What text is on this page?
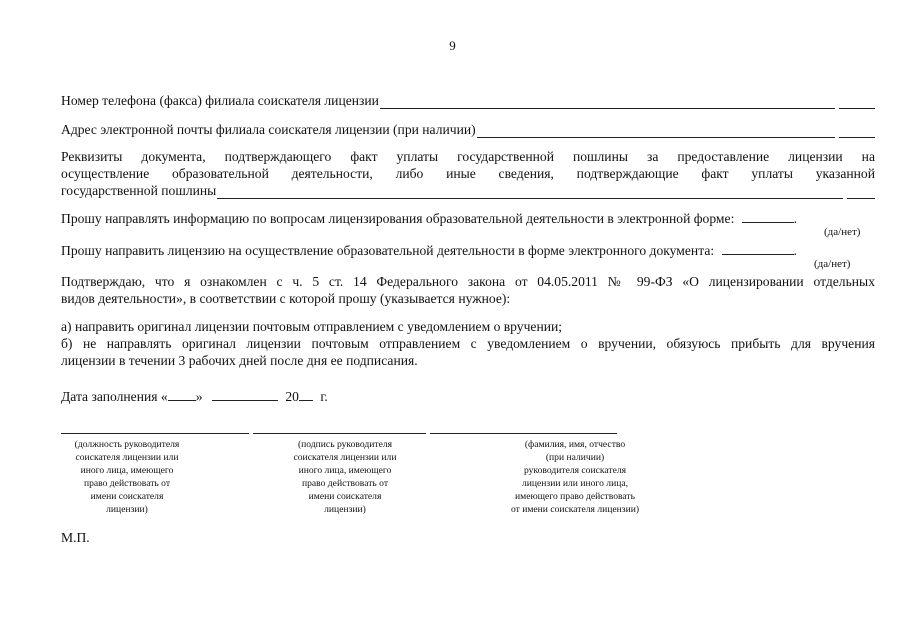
9
Номер телефона (факса) филиала соискателя лицензии
Адрес электронной почты филиала соискателя лицензии (при наличии)
Реквизиты документа, подтверждающего факт уплаты государственной пошлины за предоставление лицензии на
осуществление образовательной деятельности, либо иные сведения, подтверждающие факт уплаты указанной
государственной пошлины
Прошу направлять информацию по вопросам лицензирования образовательной деятельности в электронной форме:	.
(да/нет)
Прошу направить лицензию на осуществление образовательной деятельности в форме электронного документа:	.
(да/нет)
Подтверждаю, что я ознакомлен с ч. 5 ст. 14 Федерального закона от 04.05.2011 № 99-ФЗ «О лицензировании отдельных
видов деятельности», в соответствии с которой прошу (указывается нужное):
а) направить оригинал лицензии почтовым отправлением с уведомлением о вручении;
б) не направлять оригинал лицензии почтовым отправлением с уведомлением о вручении, обязуюсь прибыть для вручения
лицензии в течении 3 рабочих дней после дня ее подписания.
Дата заполнения « »	20 г.
(должность руководителя
соискателя лицензии или
иного лица, имеющего
право действовать от
имени соискателя
лицензии)
(подпись руководителя
соискателя лицензии или
иного лица, имеющего
право действовать от
имени соискателя
лицензии)
(фамилия, имя, отчество
(при наличии)
руководителя соискателя
лицензии или иного лица,
имеющего право действовать
от имени соискателя лицензии)
М.П.
